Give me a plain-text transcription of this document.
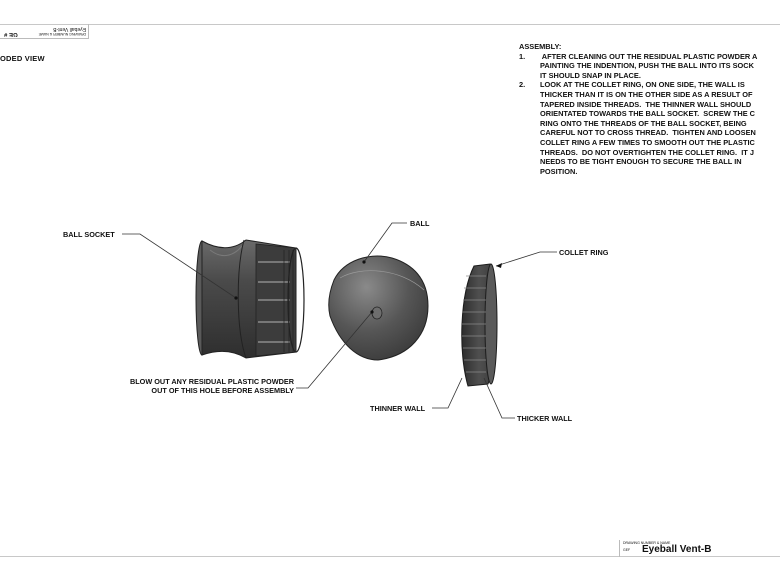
GE #	DRAWING NUMBER & NAME
Eyeball Vent-B
ODED VIEW
ASSEMBLY:
1. AFTER CLEANING OUT THE RESIDUAL PLASTIC POWDER A
PAINTING THE INDENTION, PUSH THE BALL INTO ITS SOCK
IT SHOULD SNAP IN PLACE.
2. LOOK AT THE COLLET RING, ON ONE SIDE, THE WALL IS
THICKER THAN IT IS ON THE OTHER SIDE AS A RESULT OF
TAPERED INSIDE THREADS.  THE THINNER WALL SHOULD
ORIENTATED TOWARDS THE BALL SOCKET.  SCREW THE C
RING ONTO THE THREADS OF THE BALL SOCKET, BEING
CAREFUL NOT TO CROSS THREAD.  TIGHTEN AND LOOSEN
COLLET RING A FEW TIMES TO SMOOTH OUT THE PLASTIC
THREADS.  DO NOT OVERTIGHTEN THE COLLET RING.  IT J
NEEDS TO BE TIGHT ENOUGH TO SECURE THE BALL IN
POSITION.
BALL SOCKET
BALL
COLLET RING
BLOW OUT ANY RESIDUAL PLASTIC POWDER
OUT OF THIS HOLE BEFORE ASSEMBLY
THINNER WALL
THICKER WALL
DRAWING NUMBER & NAME
GEF Eyeball Vent-B
